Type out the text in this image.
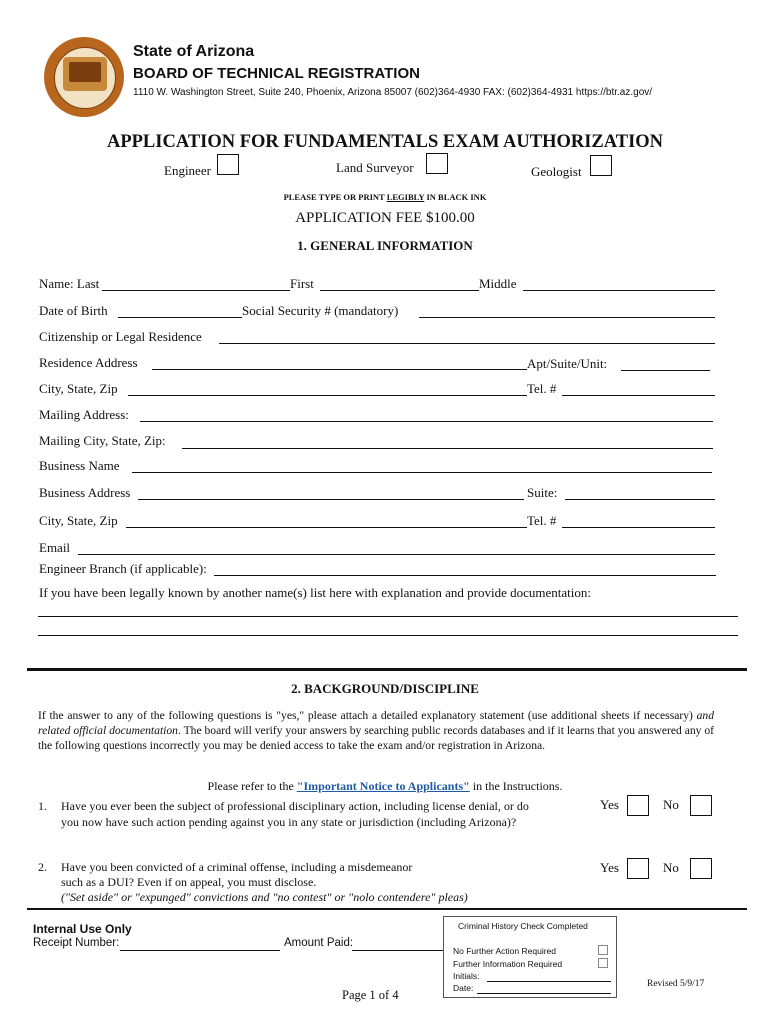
State of Arizona
BOARD OF TECHNICAL REGISTRATION
1110 W. Washington Street, Suite 240, Phoenix, Arizona 85007 (602)364-4930 FAX: (602)364-4931 https://btr.az.gov/
APPLICATION FOR FUNDAMENTALS EXAM AUTHORIZATION
Engineer	Land Surveyor	Geologist
PLEASE TYPE OR PRINT LEGIBLY IN BLACK INK
APPLICATION FEE $100.00
1. GENERAL INFORMATION
Name: Last	First	Middle
Date of Birth	Social Security # (mandatory)
Citizenship or Legal Residence
Residence Address	Apt/Suite/Unit:
City, State, Zip	Tel. #
Mailing Address:
Mailing City, State, Zip:
Business Name
Business Address	Suite:
City, State, Zip	Tel. #
Email
Engineer Branch (if applicable):
If you have been legally known by another name(s) list here with explanation and provide documentation:
2. BACKGROUND/DISCIPLINE
If the answer to any of the following questions is "yes," please attach a detailed explanatory statement (use additional sheets if necessary) and related official documentation. The board will verify your answers by searching public records databases and if it learns that you answered any of the following questions incorrectly you may be denied access to take the exam and/or registration in Arizona.
Please refer to the "Important Notice to Applicants" in the Instructions.
1. Have you ever been the subject of professional disciplinary action, including license denial, or do you now have such action pending against you in any state or jurisdiction (including Arizona)?
Yes	No
2. Have you been convicted of a criminal offense, including a misdemeanor
such as a DUI? Even if on appeal, you must disclose.
("Set aside" or "expunged" convictions and "no contest" or "nolo contendere" pleas)
Yes	No
Internal Use Only
Receipt Number:	Amount Paid:
Criminal History Check Completed
No Further Action Required
Further Information Required
Initials:
Date:
Page 1 of 4
Revised 5/9/17
